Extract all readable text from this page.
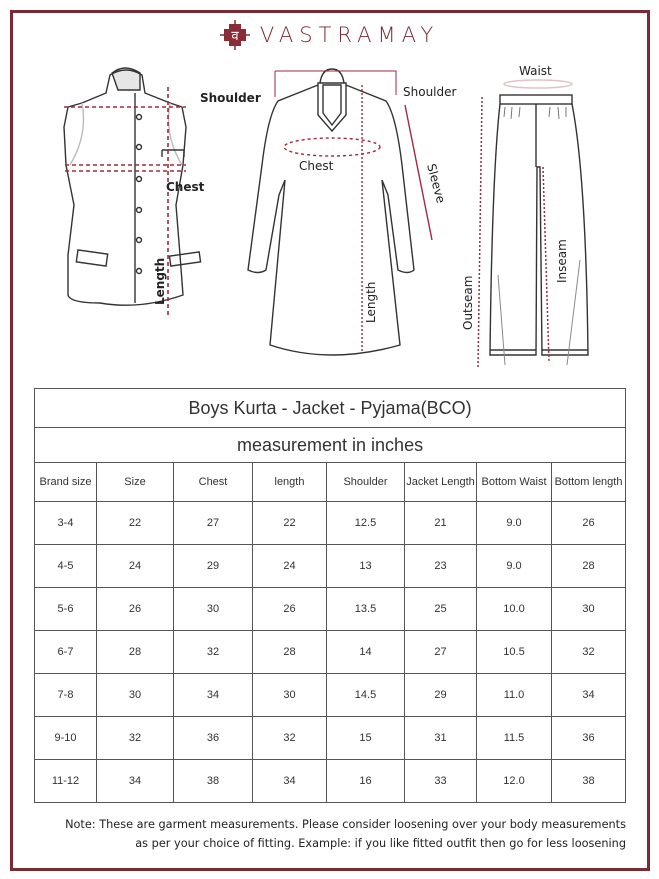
व VASTRAMAY
Shoulder
Chest
Length
Shoulder
Chest	Sleeve
Length
Waist
Outseam
Inseam
Boys Kurta - Jacket - Pyjama(BCO)							
measurement in inches							
Brand size	Size	Chest	length	Shoulder	Jacket Length	Bottom Waist	Bottom length
3-4	22	27	22	12.5	21	9.0	26
4-5	24	29	24	13	23	9.0	28
5-6	26	30	26	13.5	25	10.0	30
6-7	28	32	28	14	27	10.5	32
7-8	30	34	30	14.5	29	11.0	34
9-10	32	36	32	15	31	11.5	36
11-12	34	38	34	16	33	12.0	38
Note: These are garment measurements. Please consider loosening over your body measurements
as per your choice of fitting. Example: if you like fitted outfit then go for less loosening
